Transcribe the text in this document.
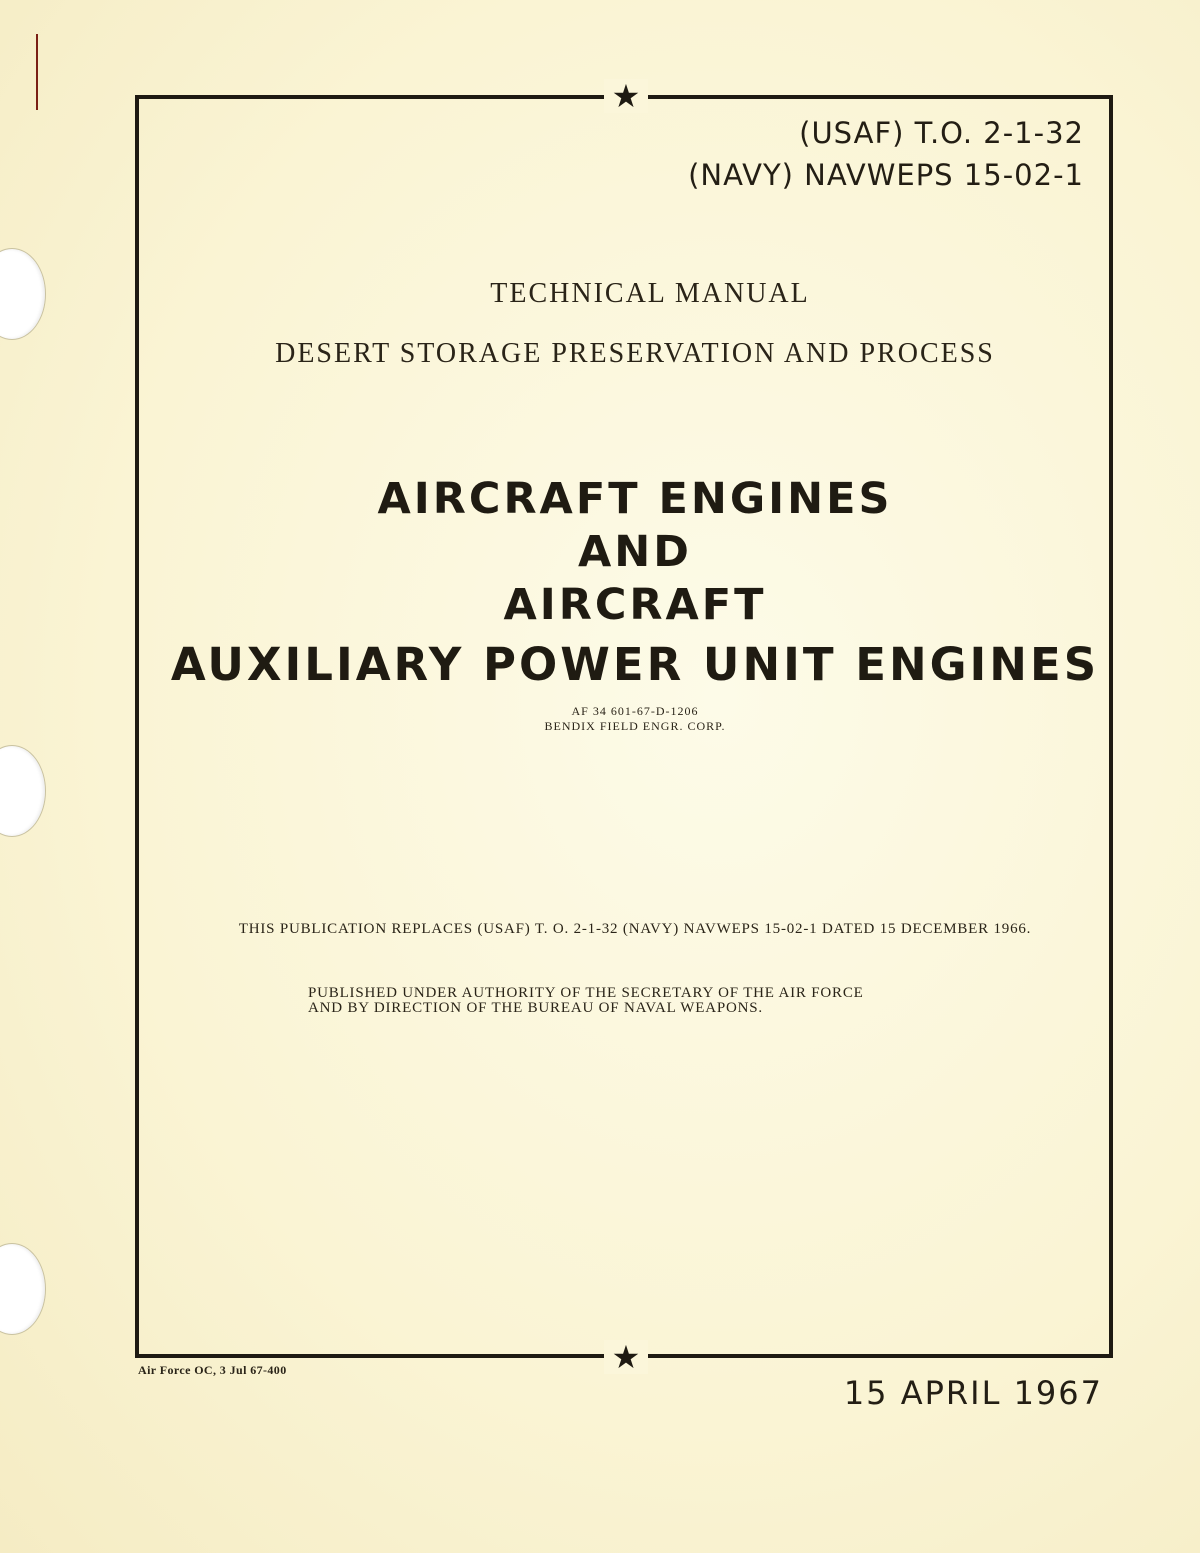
★
★
(USAF) T.O. 2-1-32
(NAVY) NAVWEPS 15-02-1
TECHNICAL MANUAL
DESERT STORAGE PRESERVATION AND PROCESS
AIRCRAFT ENGINES
AND
AIRCRAFT
AUXILIARY POWER UNIT ENGINES
AF 34 601-67-D-1206
BENDIX FIELD ENGR. CORP.
THIS PUBLICATION REPLACES (USAF) T. O. 2-1-32 (NAVY) NAVWEPS 15-02-1 DATED 15 DECEMBER 1966.
PUBLISHED UNDER AUTHORITY OF THE SECRETARY OF THE AIR FORCE
AND BY DIRECTION OF THE BUREAU OF NAVAL WEAPONS.
Air Force OC, 3 Jul 67-400
15 APRIL 1967
